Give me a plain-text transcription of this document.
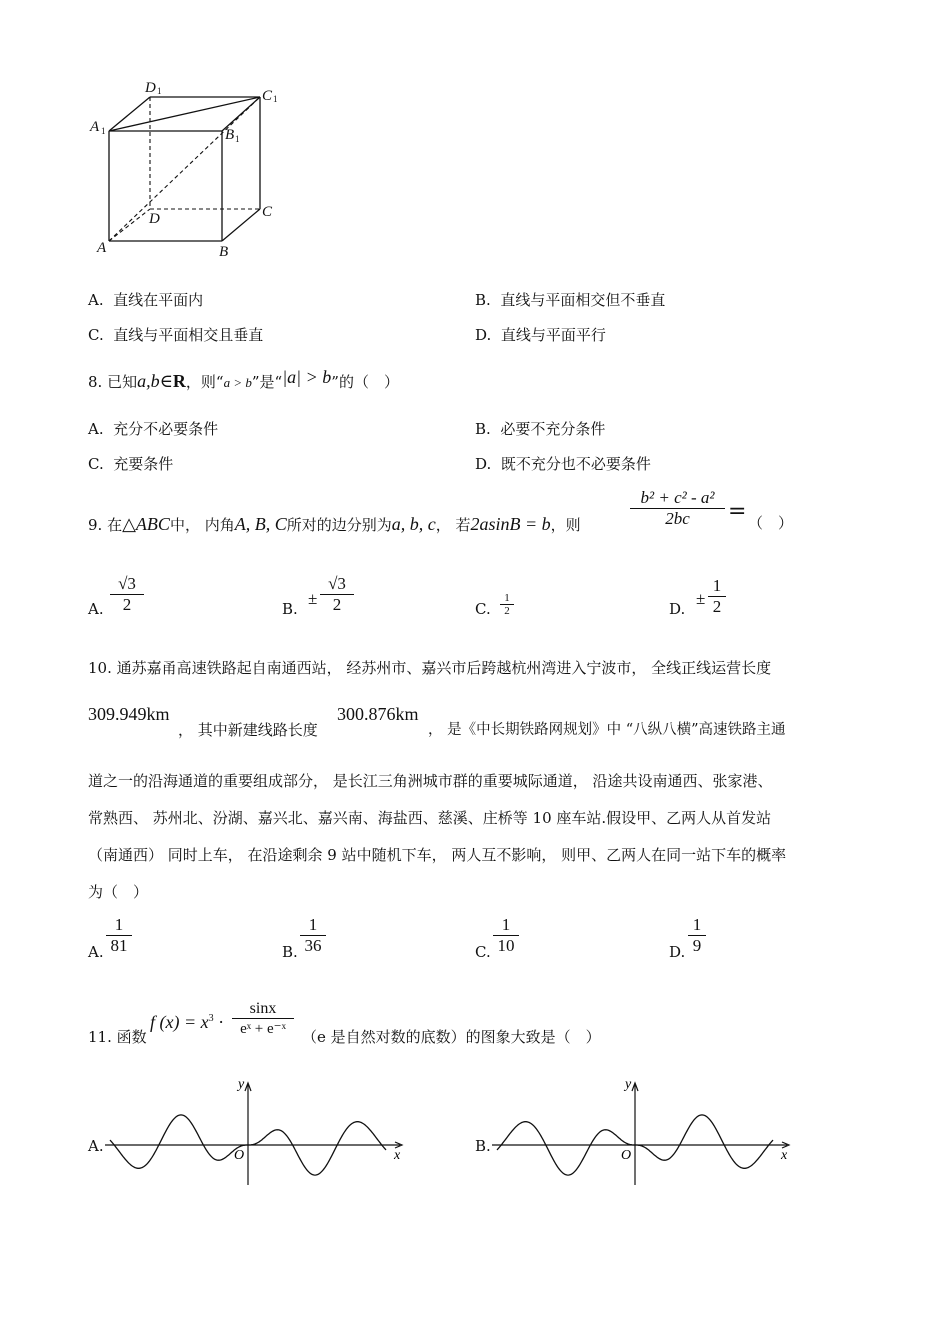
D 1	C 1
A 1	B 1
D	C
A	B
A. 直线在平面内	B. 直线与平面相交但不垂直
C. 直线与平面相交且垂直	D. 直线与平面平行
8. 已知a,b∈R，则“a > b”是“|a| > b”的（　）
A. 充分不必要条件	B. 必要不充分条件
C. 充要条件	D. 既不充分也不必要条件
9. 在△ABC中， 内角A, B, C所对的边分别为a, b, c， 若2asinB = b，则
b² + c² - a²
2bc	= （　）
A.
√3
2	B.
±
√3
2	C.
1
2	D.
±
1
2
10. 通苏嘉甬高速铁路起自南通西站， 经苏州市、嘉兴市后跨越杭州湾进入宁波市， 全线正线运营长度
309.949km
， 其中新建线路长度
300.876km
， 是《中长期铁路网规划》中 “八纵八横”高速铁路主通
道之一的沿海通道的重要组成部分， 是长江三角洲城市群的重要城际通道， 沿途共设南通西、张家港、
常熟西、 苏州北、汾湖、嘉兴北、嘉兴南、海盐西、慈溪、庄桥等 10 座车站.假设甲、乙两人从首发站
（南通西） 同时上车， 在沿途剩余 9 站中随机下车， 两人互不影响， 则甲、乙两人在同一站下车的概率
为（　）
A.
1
81	B.
1
36	C.
1
10	D.
1
9
11. 函数
f $(x) = x^3$ ·
sinx
eˣ + e⁻ˣ	（e 是自然对数的底数）的图象大致是（　）
A.
y
x
O
B.
y
x
O
